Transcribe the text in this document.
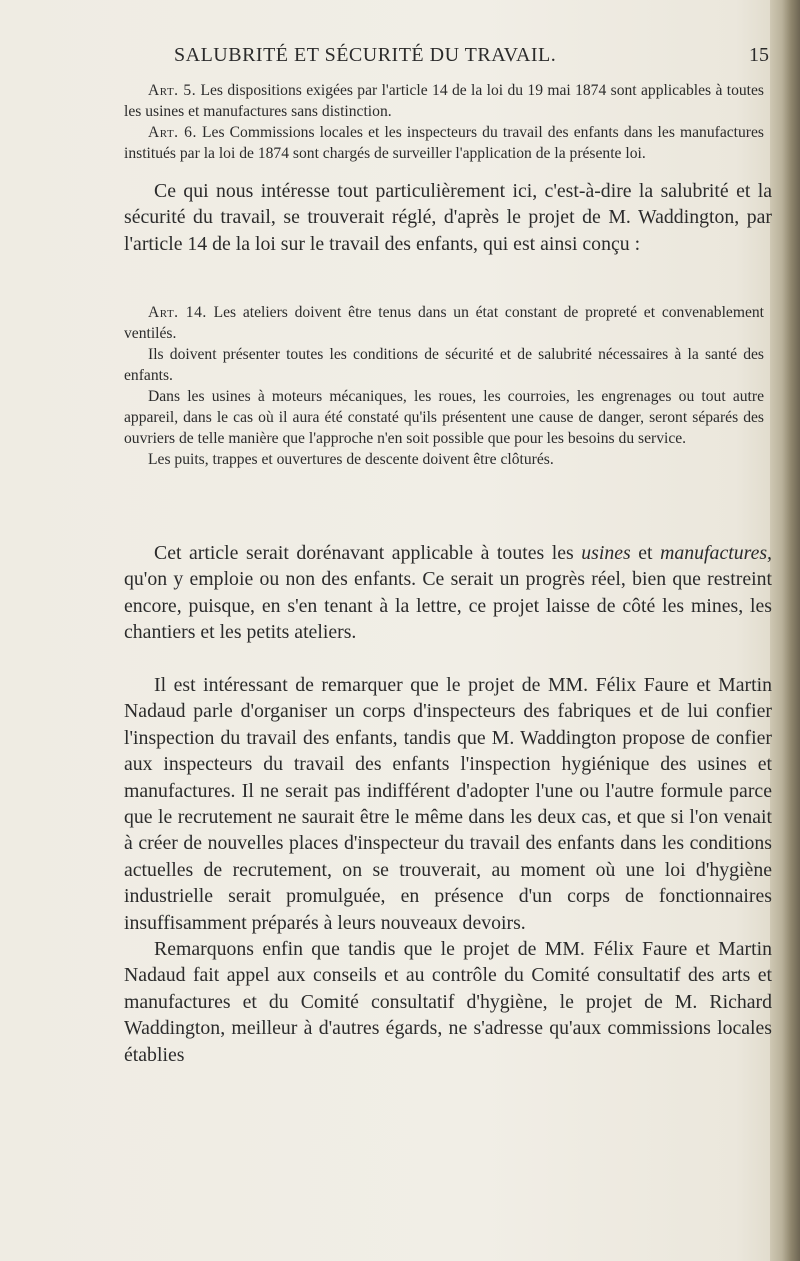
SALUBRITÉ ET SÉCURITÉ DU TRAVAIL.	15

Art. 5. Les dispositions exigées par l'article 14 de la loi du 19 mai 1874 sont applicables à toutes les usines et manufactures sans distinction.

Art. 6. Les Commissions locales et les inspecteurs du travail des enfants dans les manufactures institués par la loi de 1874 sont chargés de surveiller l'application de la présente loi.

Ce qui nous intéresse tout particulièrement ici, c'est-à-dire la salubrité et la sécurité du travail, se trouverait réglé, d'après le projet de M. Waddington, par l'article 14 de la loi sur le travail des enfants, qui est ainsi conçu :

Art. 14. Les ateliers doivent être tenus dans un état constant de propreté et convenablement ventilés.

Ils doivent présenter toutes les conditions de sécurité et de salubrité nécessaires à la santé des enfants.

Dans les usines à moteurs mécaniques, les roues, les courroies, les engrenages ou tout autre appareil, dans le cas où il aura été constaté qu'ils présentent une cause de danger, seront séparés des ouvriers de telle manière que l'approche n'en soit possible que pour les besoins du service.

Les puits, trappes et ouvertures de descente doivent être clôturés.

Cet article serait dorénavant applicable à toutes les usines et manufactures, qu'on y emploie ou non des enfants. Ce serait un progrès réel, bien que restreint encore, puisque, en s'en tenant à la lettre, ce projet laisse de côté les mines, les chantiers et les petits ateliers.

Il est intéressant de remarquer que le projet de MM. Félix Faure et Martin Nadaud parle d'organiser un corps d'inspecteurs des fabriques et de lui confier l'inspection du travail des enfants, tandis que M. Waddington propose de confier aux inspecteurs du travail des enfants l'inspection hygiénique des usines et manufactures. Il ne serait pas indifférent d'adopter l'une ou l'autre formule parce que le recrutement ne saurait être le même dans les deux cas, et que si l'on venait à créer de nouvelles places d'inspecteur du travail des enfants dans les conditions actuelles de recrutement, on se trouverait, au moment où une loi d'hygiène industrielle serait promulguée, en présence d'un corps de fonctionnaires insuffisamment préparés à leurs nouveaux devoirs.

Remarquons enfin que tandis que le projet de MM. Félix Faure et Martin Nadaud fait appel aux conseils et au contrôle du Comité consultatif des arts et manufactures et du Comité consultatif d'hygiène, le projet de M. Richard Waddington, meilleur à d'autres égards, ne s'adresse qu'aux commissions locales établies
